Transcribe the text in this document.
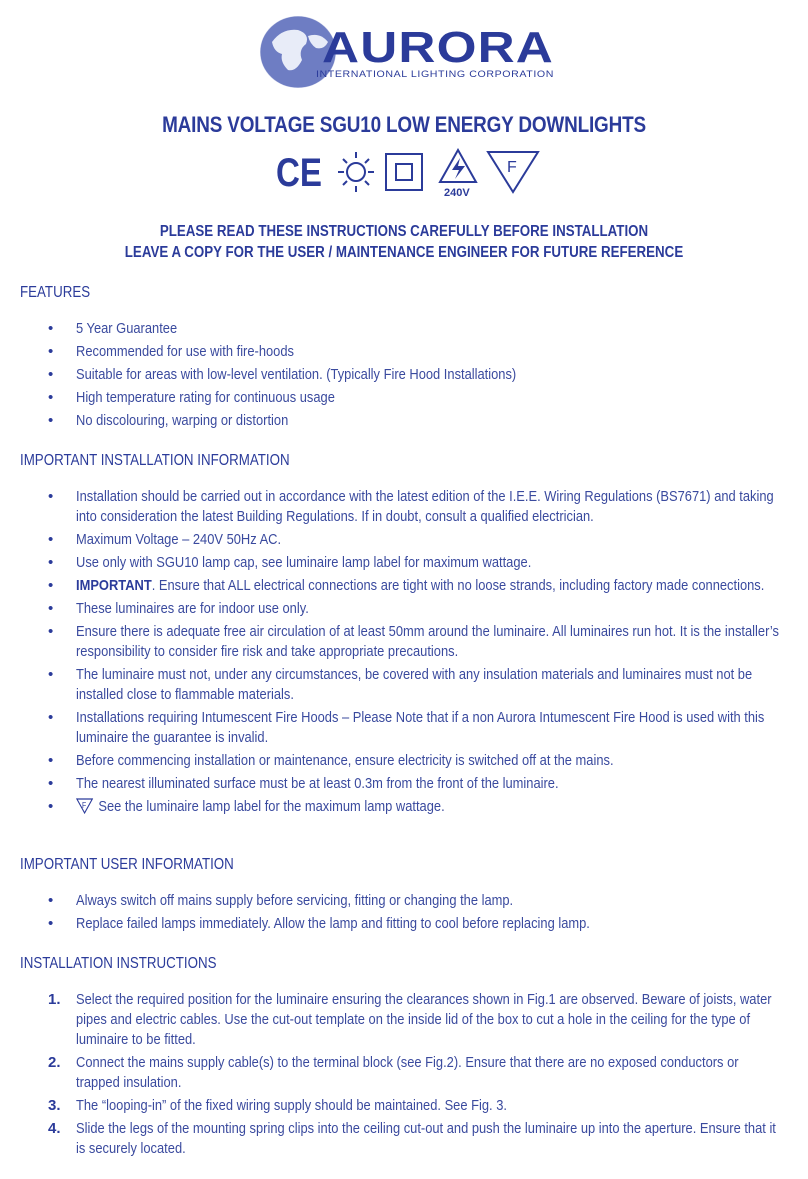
AURORA
INTERNATIONAL LIGHTING CORPORATION
MAINS VOLTAGE SGU10 LOW ENERGY DOWNLIGHTS
CE	240V
F
PLEASE READ THESE INSTRUCTIONS CAREFULLY BEFORE INSTALLATION
LEAVE A COPY FOR THE USER / MAINTENANCE ENGINEER FOR FUTURE REFERENCE
FEATURES
• 5 Year Guarantee
• Recommended for use with fire-hoods
• Suitable for areas with low-level ventilation. (Typically Fire Hood Installations)
• High temperature rating for continuous usage
• No discolouring, warping or distortion
IMPORTANT INSTALLATION INFORMATION
• Installation should be carried out in accordance with the latest edition of the I.E.E. Wiring Regulations (BS7671) and taking into consideration the latest Building Regulations. If in doubt, consult a qualified electrician.
• Maximum Voltage – 240V 50Hz AC.
• Use only with SGU10 lamp cap, see luminaire lamp label for maximum wattage.
• IMPORTANT. Ensure that ALL electrical connections are tight with no loose strands, including factory made connections.
• These luminaires are for indoor use only.
• Ensure there is adequate free air circulation of at least 50mm around the luminaire. All luminaires run hot. It is the installer’s responsibility to consider fire risk and take appropriate precautions.
• The luminaire must not, under any circumstances, be covered with any insulation materials and luminaires must not be installed close to flammable materials.
• Installations requiring Intumescent Fire Hoods – Please Note that if a non Aurora Intumescent Fire Hood is used with this luminaire the guarantee is invalid.
• Before commencing installation or maintenance, ensure electricity is switched off at the mains.
• The nearest illuminated surface must be at least 0.3m from the front of the luminaire.
•	F See the luminaire lamp label for the maximum lamp wattage.
IMPORTANT USER INFORMATION
• Always switch off mains supply before servicing, fitting or changing the lamp.
• Replace failed lamps immediately. Allow the lamp and fitting to cool before replacing lamp.
INSTALLATION INSTRUCTIONS
1. Select the required position for the luminaire ensuring the clearances shown in Fig.1 are observed. Beware of joists, water pipes and electric cables. Use the cut-out template on the inside lid of the box to cut a hole in the ceiling for the type of luminaire to be fitted.
2. Connect the mains supply cable(s) to the terminal block (see Fig.2). Ensure that there are no exposed conductors or trapped insulation.
3. The “looping-in” of the fixed wiring supply should be maintained. See Fig. 3.
4. Slide the legs of the mounting spring clips into the ceiling cut-out and push the luminaire up into the aperture. Ensure that it is securely located.
